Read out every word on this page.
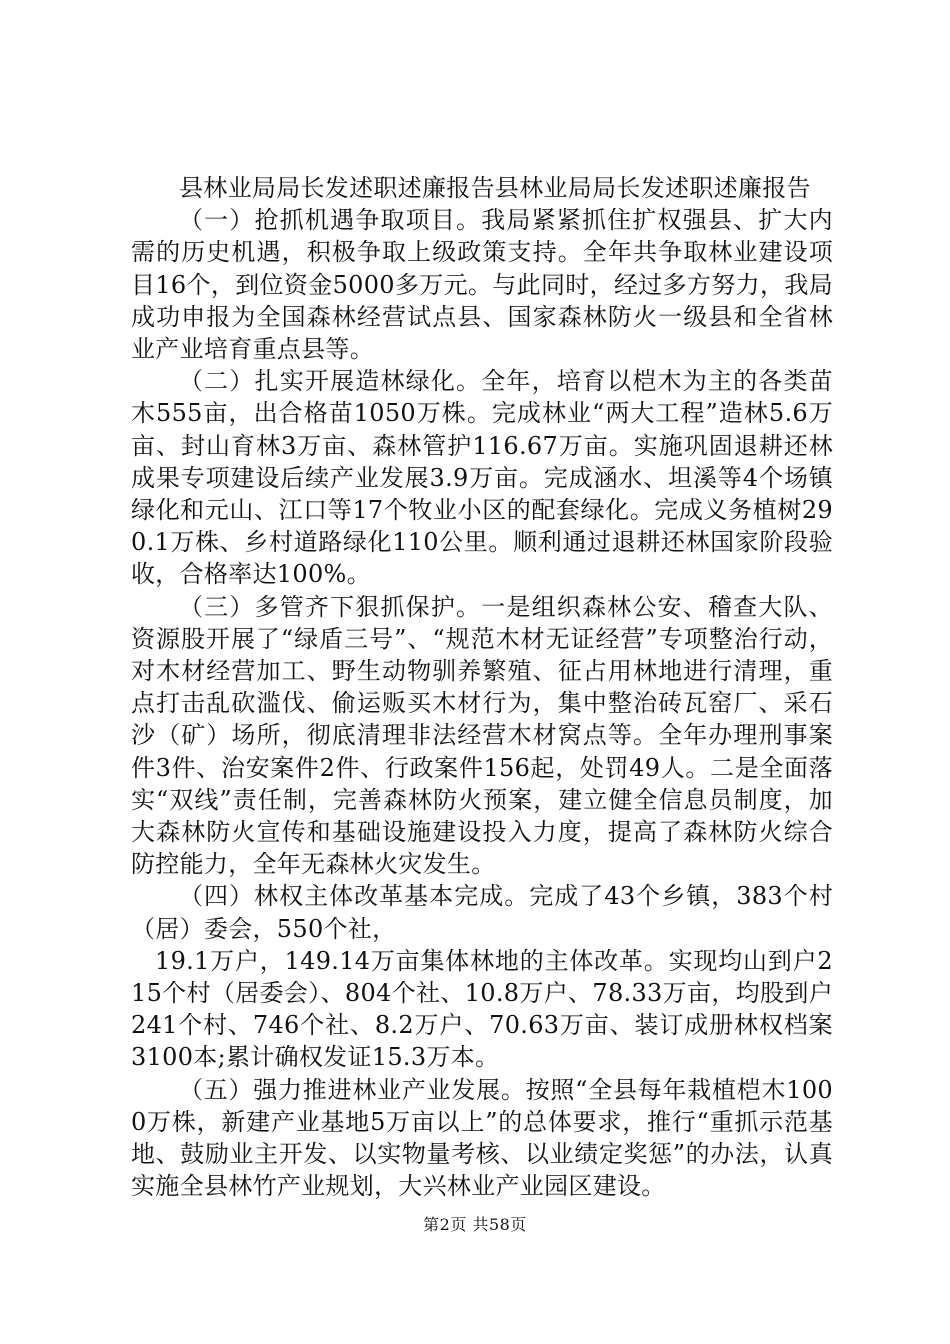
县林业局局长发述职述廉报告县林业局局长发述职述廉报告

（一）抢抓机遇争取项目。我局紧紧抓住扩权强县、扩大内需的历史机遇，积极争取上级政策支持。全年共争取林业建设项目16个，到位资金5000多万元。与此同时，经过多方努力，我局成功申报为全国森林经营试点县、国家森林防火一级县和全省林业产业培育重点县等。

（二）扎实开展造林绿化。全年，培育以桤木为主的各类苗木555亩，出合格苗1050万株。完成林业“两大工程”造林5.6万亩、封山育林3万亩、森林管护116.67万亩。实施巩固退耕还林成果专项建设后续产业发展3.9万亩。完成涵水、坦溪等4个场镇绿化和元山、江口等17个牧业小区的配套绿化。完成义务植树290.1万株、乡村道路绿化110公里。顺利通过退耕还林国家阶段验收，合格率达100%。

（三）多管齐下狠抓保护。一是组织森林公安、稽查大队、资源股开展了“绿盾三号”、“规范木材无证经营”专项整治行动，对木材经营加工、野生动物驯养繁殖、征占用林地进行清理，重点打击乱砍滥伐、偷运贩买木材行为，集中整治砖瓦窑厂、采石沙（矿）场所，彻底清理非法经营木材窝点等。全年办理刑事案件3件、治安案件2件、行政案件156起，处罚49人。二是全面落实“双线”责任制，完善森林防火预案，建立健全信息员制度，加大森林防火宣传和基础设施建设投入力度，提高了森林防火综合防控能力，全年无森林火灾发生。

（四）林权主体改革基本完成。完成了43个乡镇，383个村（居）委会，550个社，

19.1万户，149.14万亩集体林地的主体改革。实现均山到户215个村（居委会）、804个社、10.8万户、78.33万亩，均股到户241个村、746个社、8.2万户、70.63万亩、装订成册林权档案3100本;累计确权发证15.3万本。

（五）强力推进林业产业发展。按照“全县每年栽植桤木1000万株，新建产业基地5万亩以上”的总体要求，推行“重抓示范基地、鼓励业主开发、以实物量考核、以业绩定奖惩”的办法，认真实施全县林竹产业规划，大兴林业产业园区建设。

第2页 共58页
